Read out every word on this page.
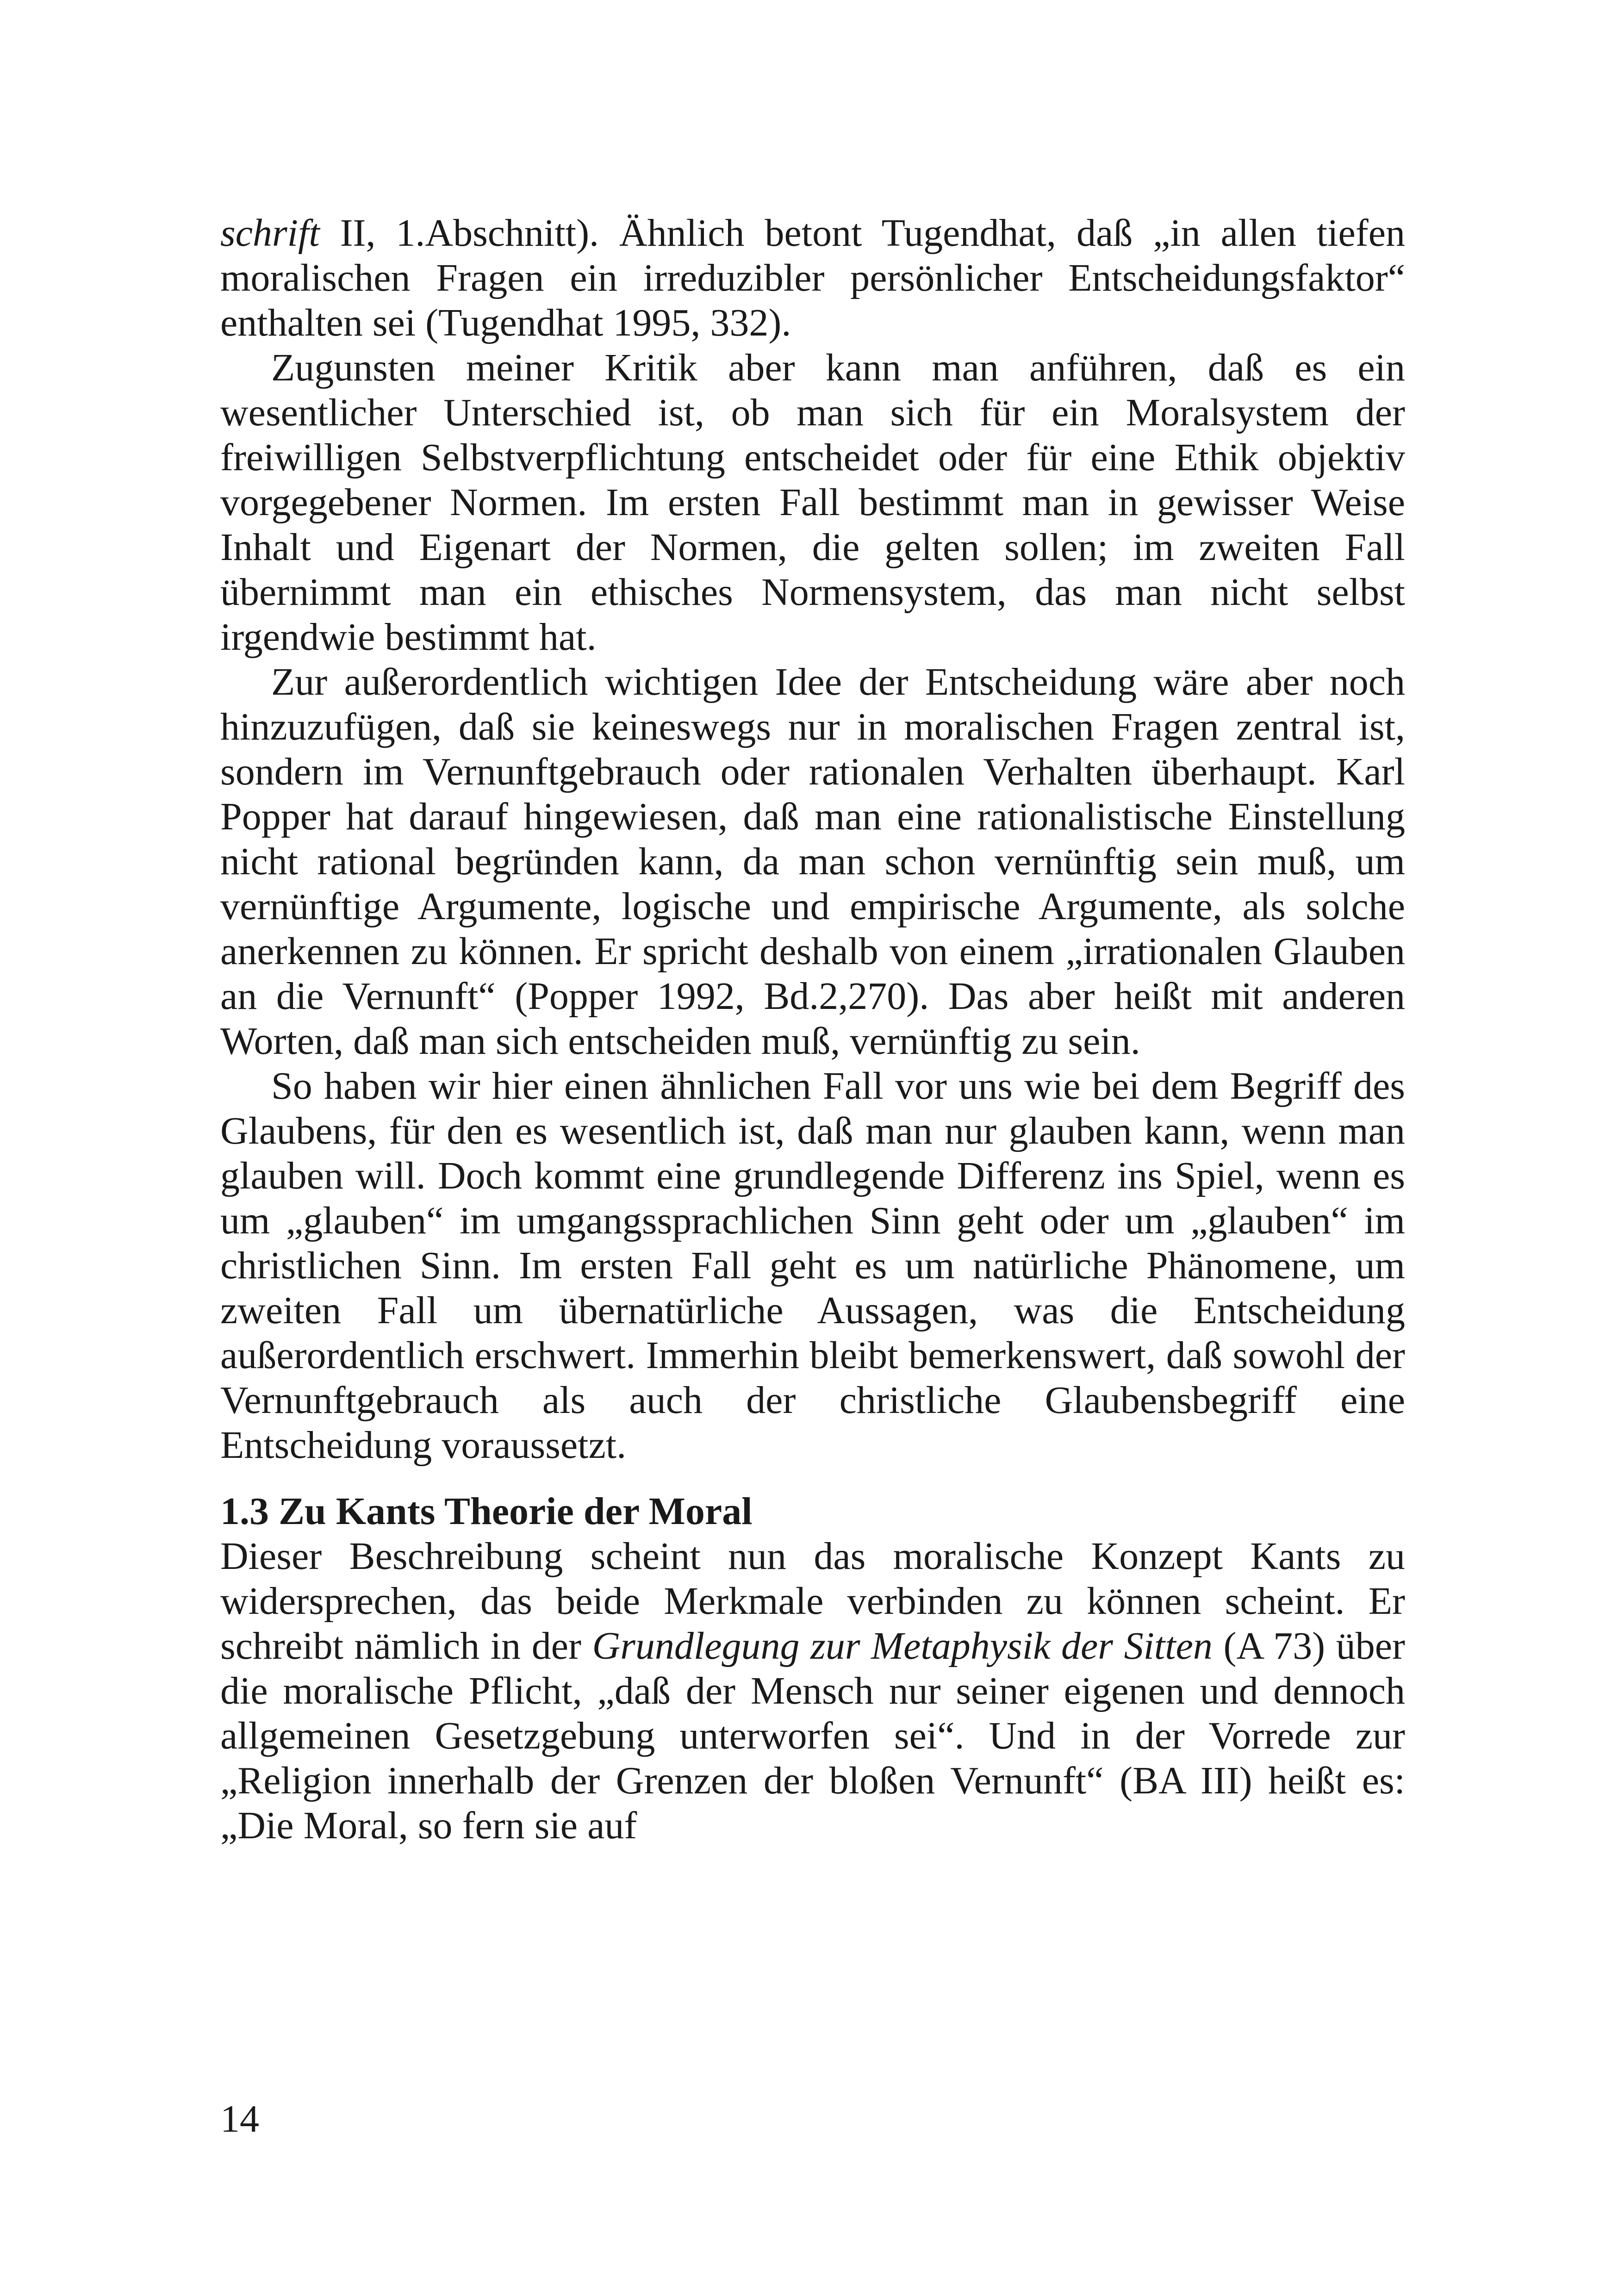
schrift II, 1.Abschnitt). Ähnlich betont Tugendhat, daß „in allen tiefen moralischen Fragen ein irreduzibler persönlicher Entscheidungsfaktor“ enthalten sei (Tugendhat 1995, 332).

Zugunsten meiner Kritik aber kann man anführen, daß es ein wesentlicher Unterschied ist, ob man sich für ein Moralsystem der freiwilligen Selbstverpflichtung entscheidet oder für eine Ethik objektiv vorgegebener Normen. Im ersten Fall bestimmt man in gewisser Weise Inhalt und Eigenart der Normen, die gelten sollen; im zweiten Fall übernimmt man ein ethisches Normensystem, das man nicht selbst irgendwie bestimmt hat.

Zur außerordentlich wichtigen Idee der Entscheidung wäre aber noch hinzuzufügen, daß sie keineswegs nur in moralischen Fragen zentral ist, sondern im Vernunftgebrauch oder rationalen Verhalten überhaupt. Karl Popper hat darauf hingewiesen, daß man eine rationalistische Einstellung nicht rational begründen kann, da man schon vernünftig sein muß, um vernünftige Argumente, logische und empirische Argumente, als solche anerkennen zu können. Er spricht deshalb von einem „irrationalen Glauben an die Vernunft“ (Popper 1992, Bd.2,270). Das aber heißt mit anderen Worten, daß man sich entscheiden muß, vernünftig zu sein.

So haben wir hier einen ähnlichen Fall vor uns wie bei dem Begriff des Glaubens, für den es wesentlich ist, daß man nur glauben kann, wenn man glauben will. Doch kommt eine grundlegende Differenz ins Spiel, wenn es um „glauben“ im umgangssprachlichen Sinn geht oder um „glauben“ im christlichen Sinn. Im ersten Fall geht es um natürliche Phänomene, um zweiten Fall um übernatürliche Aussagen, was die Entscheidung außerordentlich erschwert. Immerhin bleibt bemerkenswert, daß sowohl der Vernunftgebrauch als auch der christliche Glaubensbegriff eine Entscheidung voraussetzt.

1.3 Zu Kants Theorie der Moral

Dieser Beschreibung scheint nun das moralische Konzept Kants zu widersprechen, das beide Merkmale verbinden zu können scheint. Er schreibt nämlich in der Grundlegung zur Metaphysik der Sitten (A 73) über die moralische Pflicht, „daß der Mensch nur seiner eigenen und dennoch allgemeinen Gesetzgebung unterworfen sei“. Und in der Vorrede zur „Religion innerhalb der Grenzen der bloßen Vernunft“ (BA III) heißt es: „Die Moral, so fern sie auf

14
